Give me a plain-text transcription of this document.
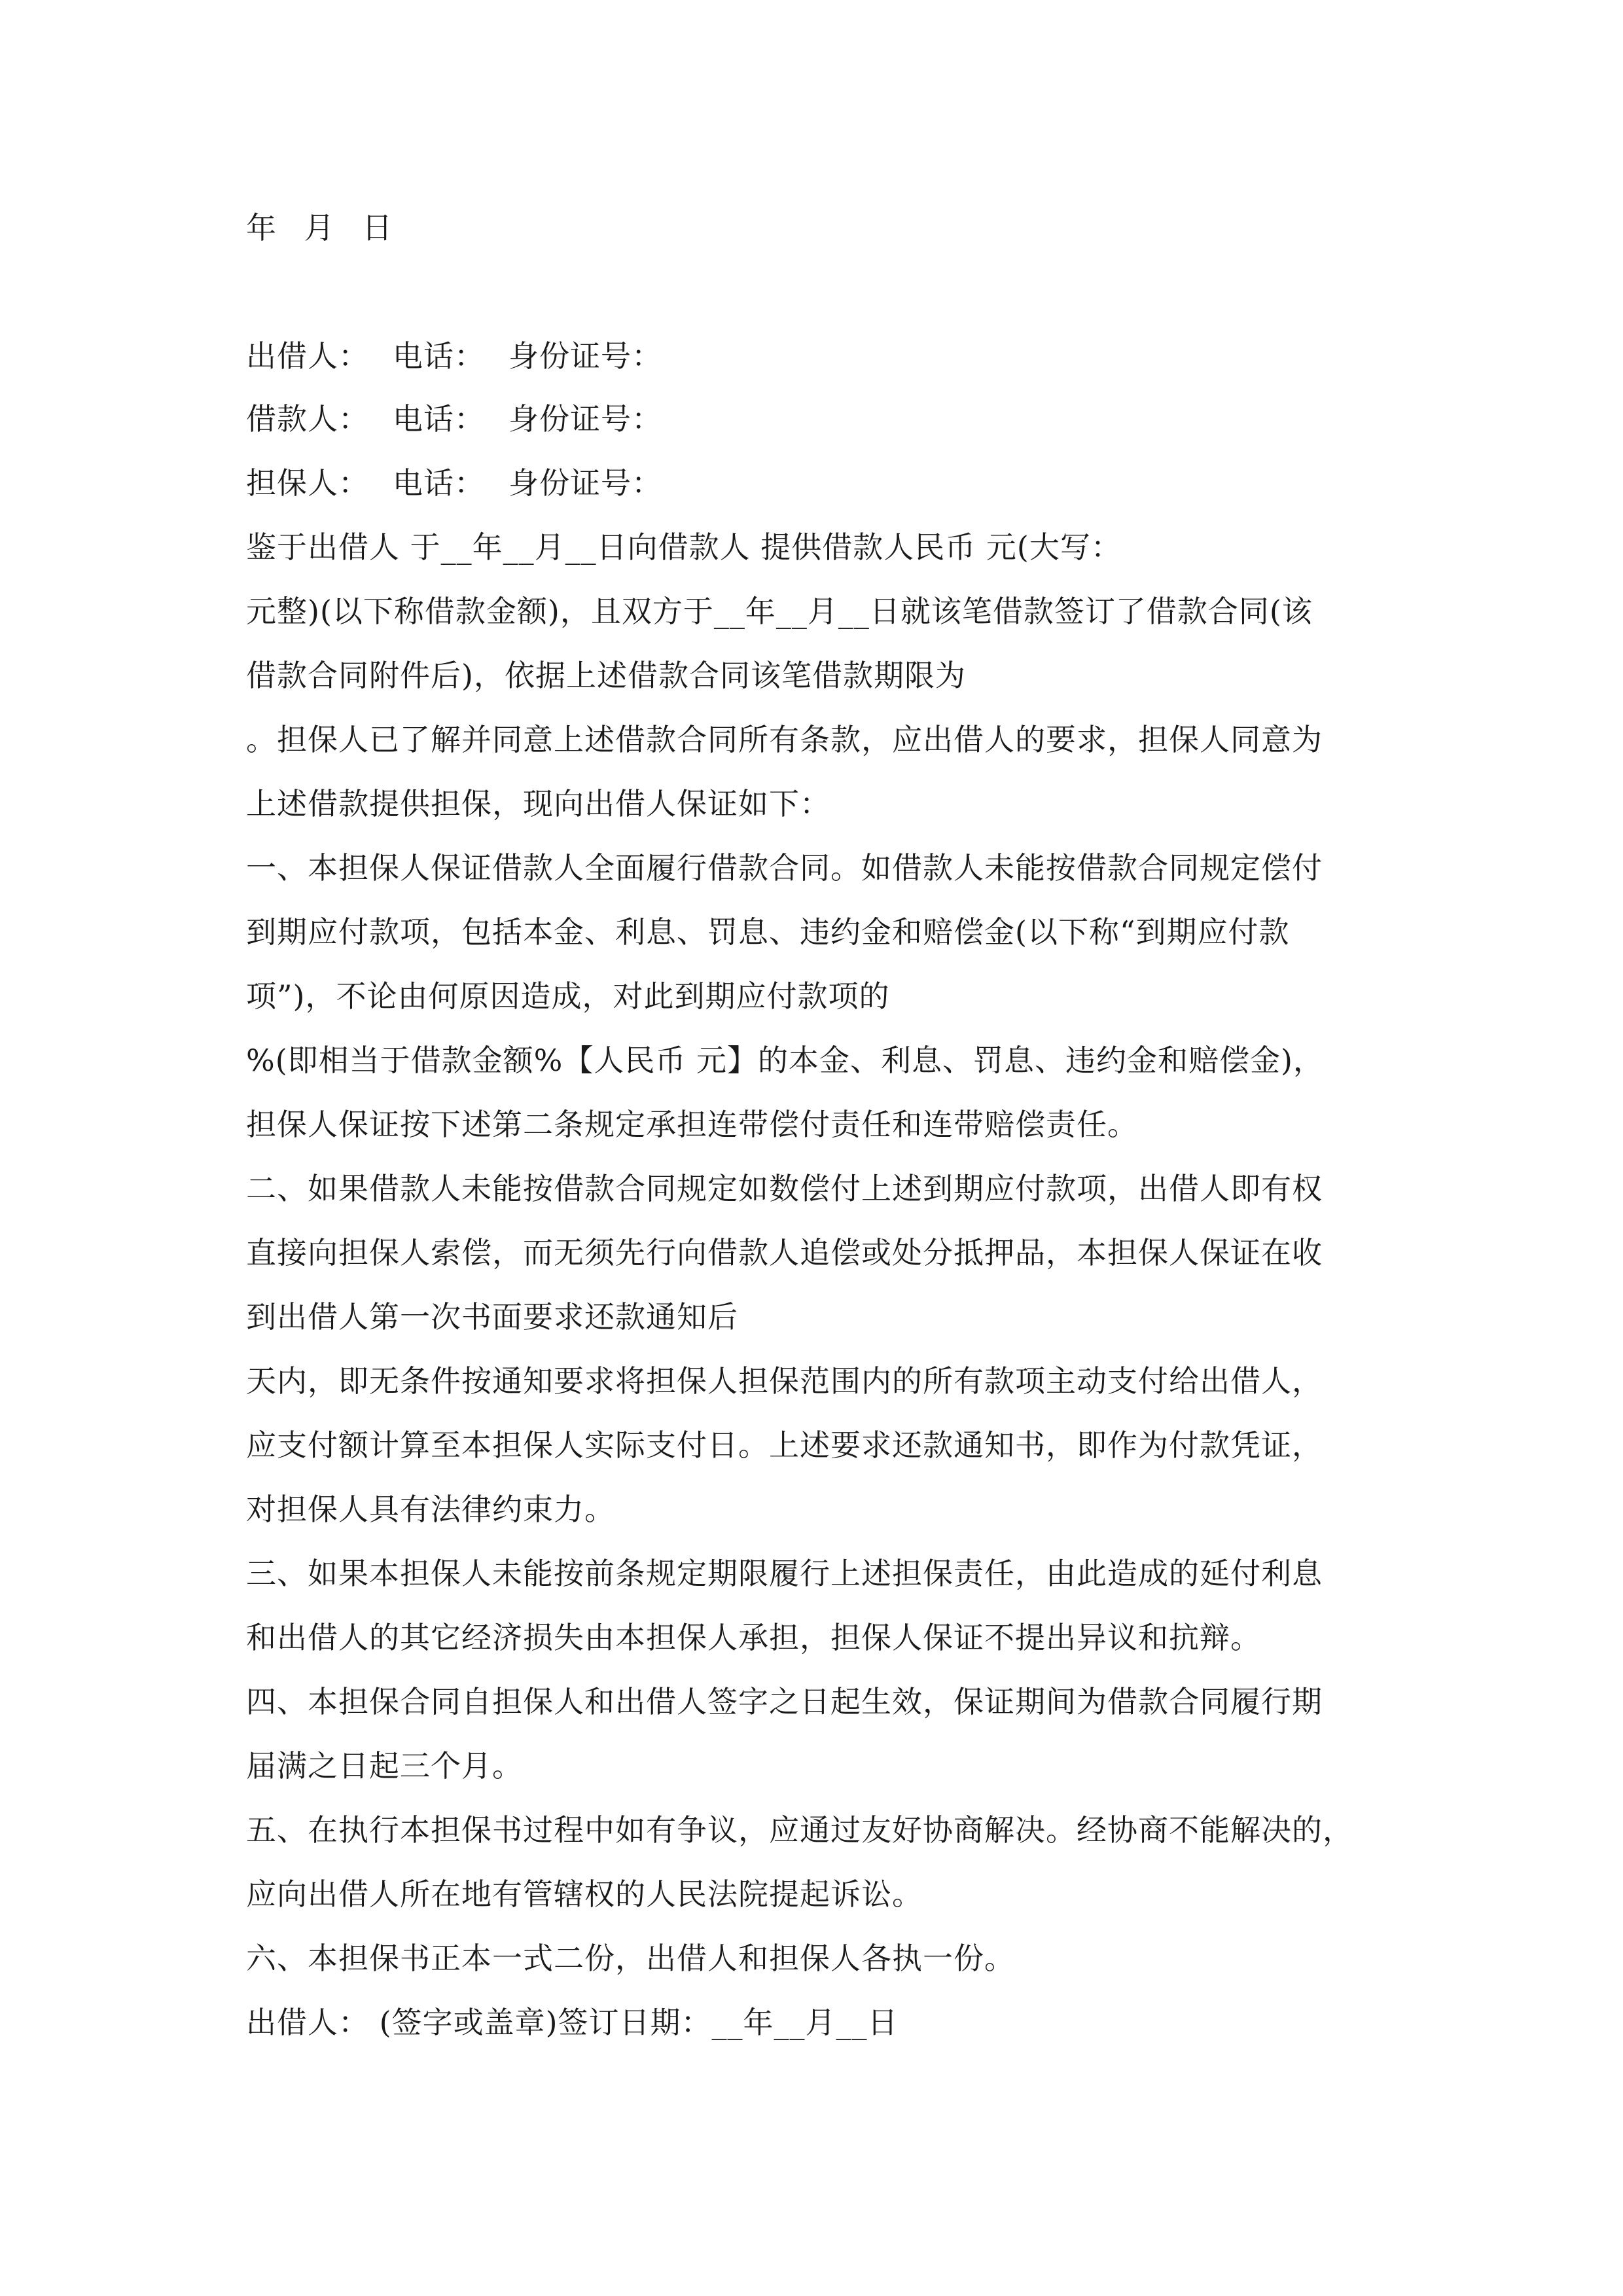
年 月 日
出借人： 电话： 身份证号：
借款人： 电话： 身份证号：
担保人： 电话： 身份证号：
鉴于出借人 于__年__月__日向借款人 提供借款人民币 元(大写：
元整)(以下称借款金额)，且双方于__年__月__日就该笔借款签订了借款合同(该
借款合同附件后)，依据上述借款合同该笔借款期限为
。担保人已了解并同意上述借款合同所有条款，应出借人的要求，担保人同意为
上述借款提供担保，现向出借人保证如下：
一、本担保人保证借款人全面履行借款合同。如借款人未能按借款合同规定偿付
到期应付款项，包括本金、利息、罚息、违约金和赔偿金(以下称“到期应付款
项”)，不论由何原因造成，对此到期应付款项的
%(即相当于借款金额%【人民币 元】的本金、利息、罚息、违约金和赔偿金)，
担保人保证按下述第二条规定承担连带偿付责任和连带赔偿责任。
二、如果借款人未能按借款合同规定如数偿付上述到期应付款项，出借人即有权
直接向担保人索偿，而无须先行向借款人追偿或处分抵押品，本担保人保证在收
到出借人第一次书面要求还款通知后
天内，即无条件按通知要求将担保人担保范围内的所有款项主动支付给出借人，
应支付额计算至本担保人实际支付日。上述要求还款通知书，即作为付款凭证，
对担保人具有法律约束力。
三、如果本担保人未能按前条规定期限履行上述担保责任，由此造成的延付利息
和出借人的其它经济损失由本担保人承担，担保人保证不提出异议和抗辩。
四、本担保合同自担保人和出借人签字之日起生效，保证期间为借款合同履行期
届满之日起三个月。
五、在执行本担保书过程中如有争议，应通过友好协商解决。经协商不能解决的，
应向出借人所在地有管辖权的人民法院提起诉讼。
六、本担保书正本一式二份，出借人和担保人各执一份。
出借人： (签字或盖章)签订日期：__年__月__日
